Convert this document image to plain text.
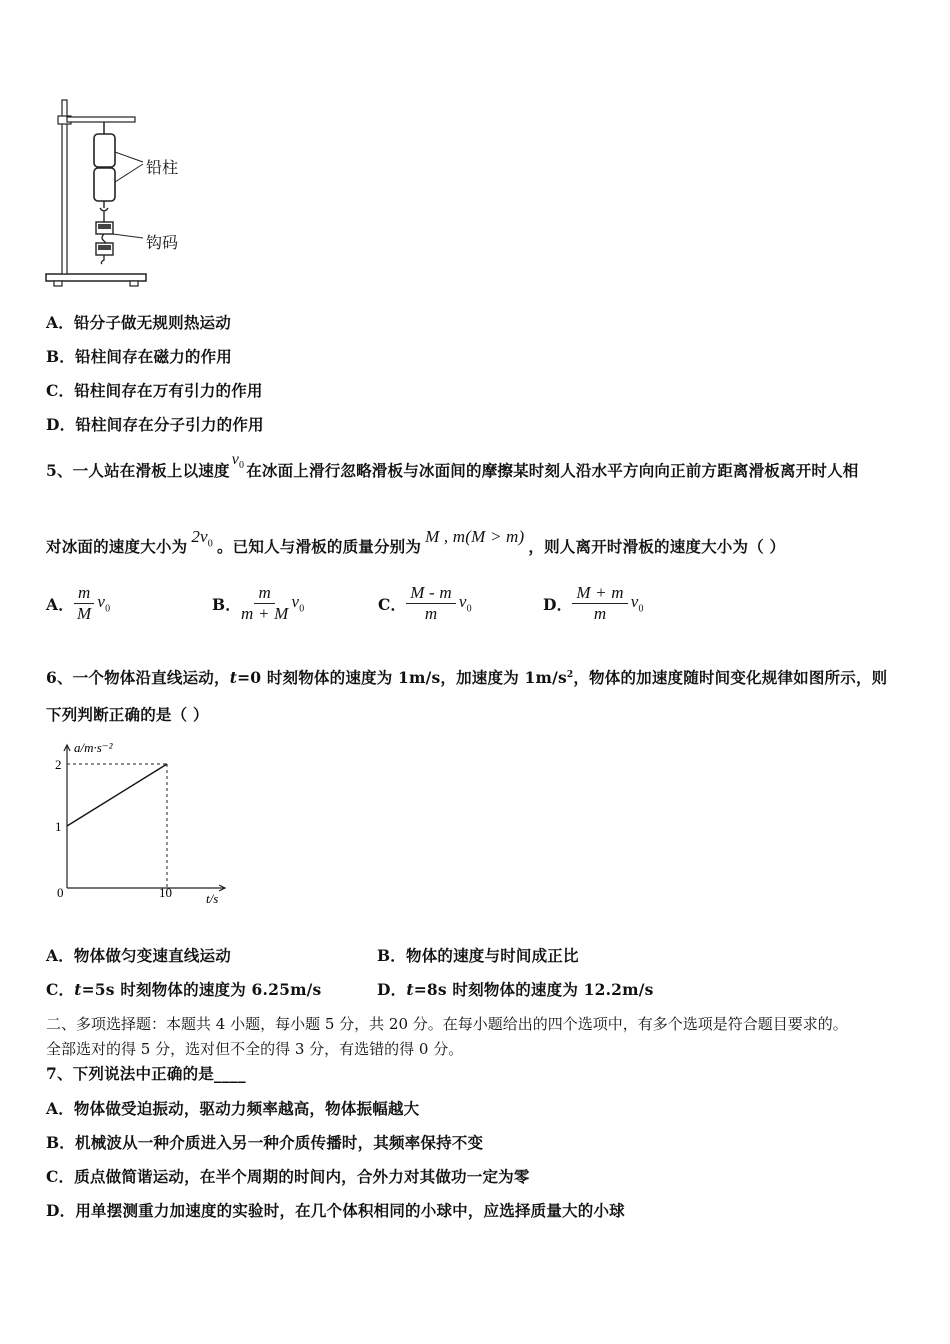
铅柱
钩码
A．铅分子做无规则热运动
B．铅柱间存在磁力的作用
C．铅柱间存在万有引力的作用
D．铅柱间存在分子引力的作用
5、一人站在滑板上以速度$v_0$ 在冰面上滑行忽略滑板与冰面间的摩擦某时刻人沿水平方向向正前方距离滑板离开时人相
对冰面的速度大小为$2v_0$ 。已知人与滑板的质量分别为M , m(M > m)，则人离开时滑板的速度大小为（ ）
A． $\frac{m}{M} v_0$	B． $\frac{m}{m + M} v_0$	C． $\frac{M - m}{m} v_0$	D． $\frac{M + m}{m} v_0$
6、一个物体沿直线运动，t=0 时刻物体的速度为 1m/s，加速度为 $1m/s^2$，物体的加速度随时间变化规律如图所示，则
下列判断正确的是（ ）
a/m·s⁻²
t/s
0	10
1
2
A．物体做匀变速直线运动	B．物体的速度与时间成正比
C．t=5s 时刻物体的速度为 6.25m/s	D．t=8s 时刻物体的速度为 12.2m/s
二、多项选择题：本题共 4 小题，每小题 5 分，共 20 分。在每小题给出的四个选项中，有多个选项是符合题目要求的。
全部选对的得 5 分，选对但不全的得 3 分，有选错的得 0 分。
7、下列说法中正确的是____
A．物体做受迫振动，驱动力频率越高，物体振幅越大
B．机械波从一种介质进入另一种介质传播时，其频率保持不变
C．质点做简谐运动，在半个周期的时间内，合外力对其做功一定为零
D．用单摆测重力加速度的实验时，在几个体积相同的小球中，应选择质量大的小球
